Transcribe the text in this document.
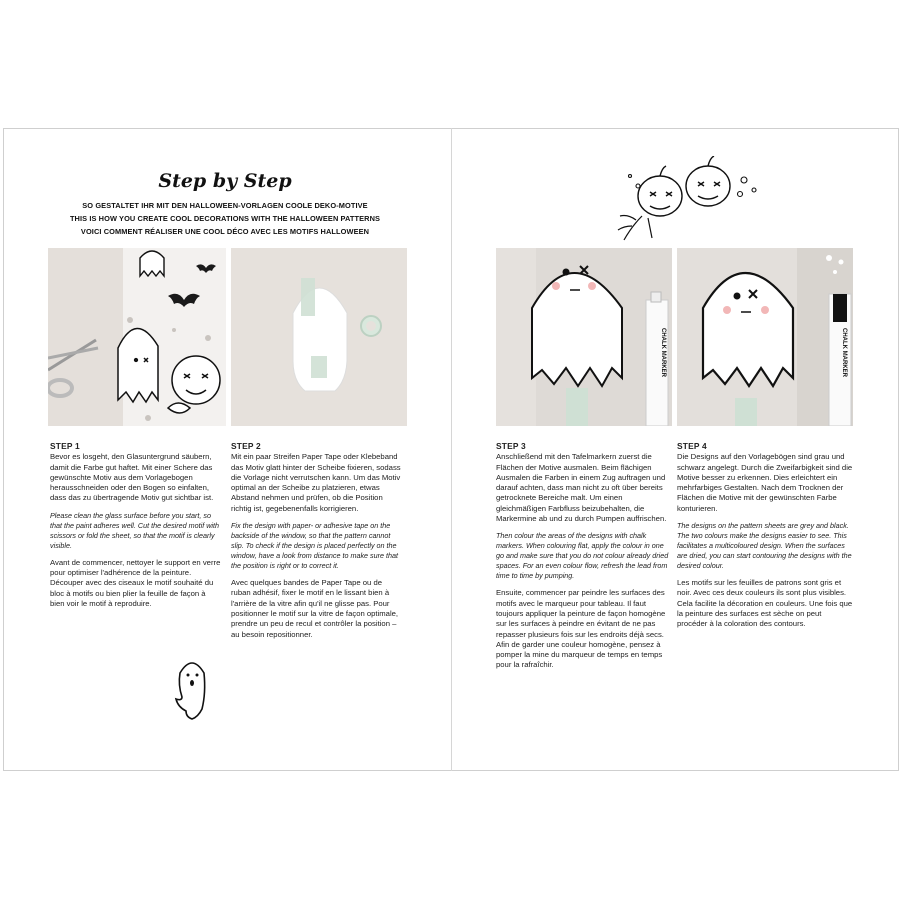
Step by Step
SO GESTALTET IHR MIT DEN HALLOWEEN-VORLAGEN COOLE DEKO-MOTIVE
THIS IS HOW YOU CREATE COOL DECORATIONS WITH THE HALLOWEEN PATTERNS
VOICI COMMENT RÉALISER UNE COOL DÉCO AVEC LES MOTIFS HALLOWEEN
STEP 1

Bevor es losgeht, den Glasuntergrund säubern, damit die Farbe gut haftet. Mit einer Schere das gewünschte Motiv aus dem Vorlagebogen herausschneiden oder den Bogen so einfalten, dass das zu übertragende Motiv gut sichtbar ist.

Please clean the glass surface before you start, so that the paint adheres well. Cut the desired motif with scissors or fold the sheet, so that the motif is clearly visible.

Avant de commencer, nettoyer le support en verre pour optimiser l'adhérence de la peinture. Découper avec des ciseaux le motif souhaité du bloc à motifs ou bien plier la feuille de façon à bien voir le motif à reproduire.

STEP 2

Mit ein paar Streifen Paper Tape oder Klebeband das Motiv glatt hinter der Scheibe fixieren, sodass die Vorlage nicht verrutschen kann. Um das Motiv optimal an der Scheibe zu platzieren, etwas Abstand nehmen und prüfen, ob die Position richtig ist, gegebenenfalls korrigieren.

Fix the design with paper- or adhesive tape on the backside of the window, so that the pattern cannot slip. To check if the design is placed perfectly on the window, have a look from distance to make sure that the position is right or to correct it.

Avec quelques bandes de Paper Tape ou de ruban adhésif, fixer le motif en le lissant bien à l'arrière de la vitre afin qu'il ne glisse pas. Pour positionner le motif sur la vitre de façon optimale, prendre un peu de recul et contrôler la position – au besoin repositionner.

CHALK MARKER	CHALK MARKER
STEP 3

Anschließend mit den Tafelmarkern zuerst die Flächen der Motive ausmalen. Beim flächigen Ausmalen die Farben in einem Zug auftragen und darauf achten, dass man nicht zu oft über bereits getrocknete Bereiche malt. Um einen gleichmäßigen Farbfluss beizubehalten, die Markermine ab und zu durch Pumpen auffrischen.

Then colour the areas of the designs with chalk markers. When colouring flat, apply the colour in one go and make sure that you do not colour already dried spaces. For an even colour flow, refresh the lead from time to time by pumping.

Ensuite, commencer par peindre les surfaces des motifs avec le marqueur pour tableau. Il faut toujours appliquer la peinture de façon homogène sur les surfaces à peindre en évitant de ne pas repasser plusieurs fois sur les endroits déjà secs. Afin de garder une couleur homogène, pensez à pomper la mine du marqueur de temps en temps pour la rafraîchir.

STEP 4

Die Designs auf den Vorlagebögen sind grau und schwarz angelegt. Durch die Zweifarbigkeit sind die Motive besser zu erkennen. Dies erleichtert ein mehrfarbiges Gestalten. Nach dem Trocknen der Flächen die Motive mit der gewünschten Farbe konturieren.

The designs on the pattern sheets are grey and black. The two colours make the designs easier to see. This facilitates a multicoloured design. When the surfaces are dried, you can start contouring the designs with the desired colour.

Les motifs sur les feuilles de patrons sont gris et noir. Avec ces deux couleurs ils sont plus visibles. Cela facilite la décoration en couleurs. Une fois que la peinture des surfaces est sèche on peut procéder à la coloration des contours.
